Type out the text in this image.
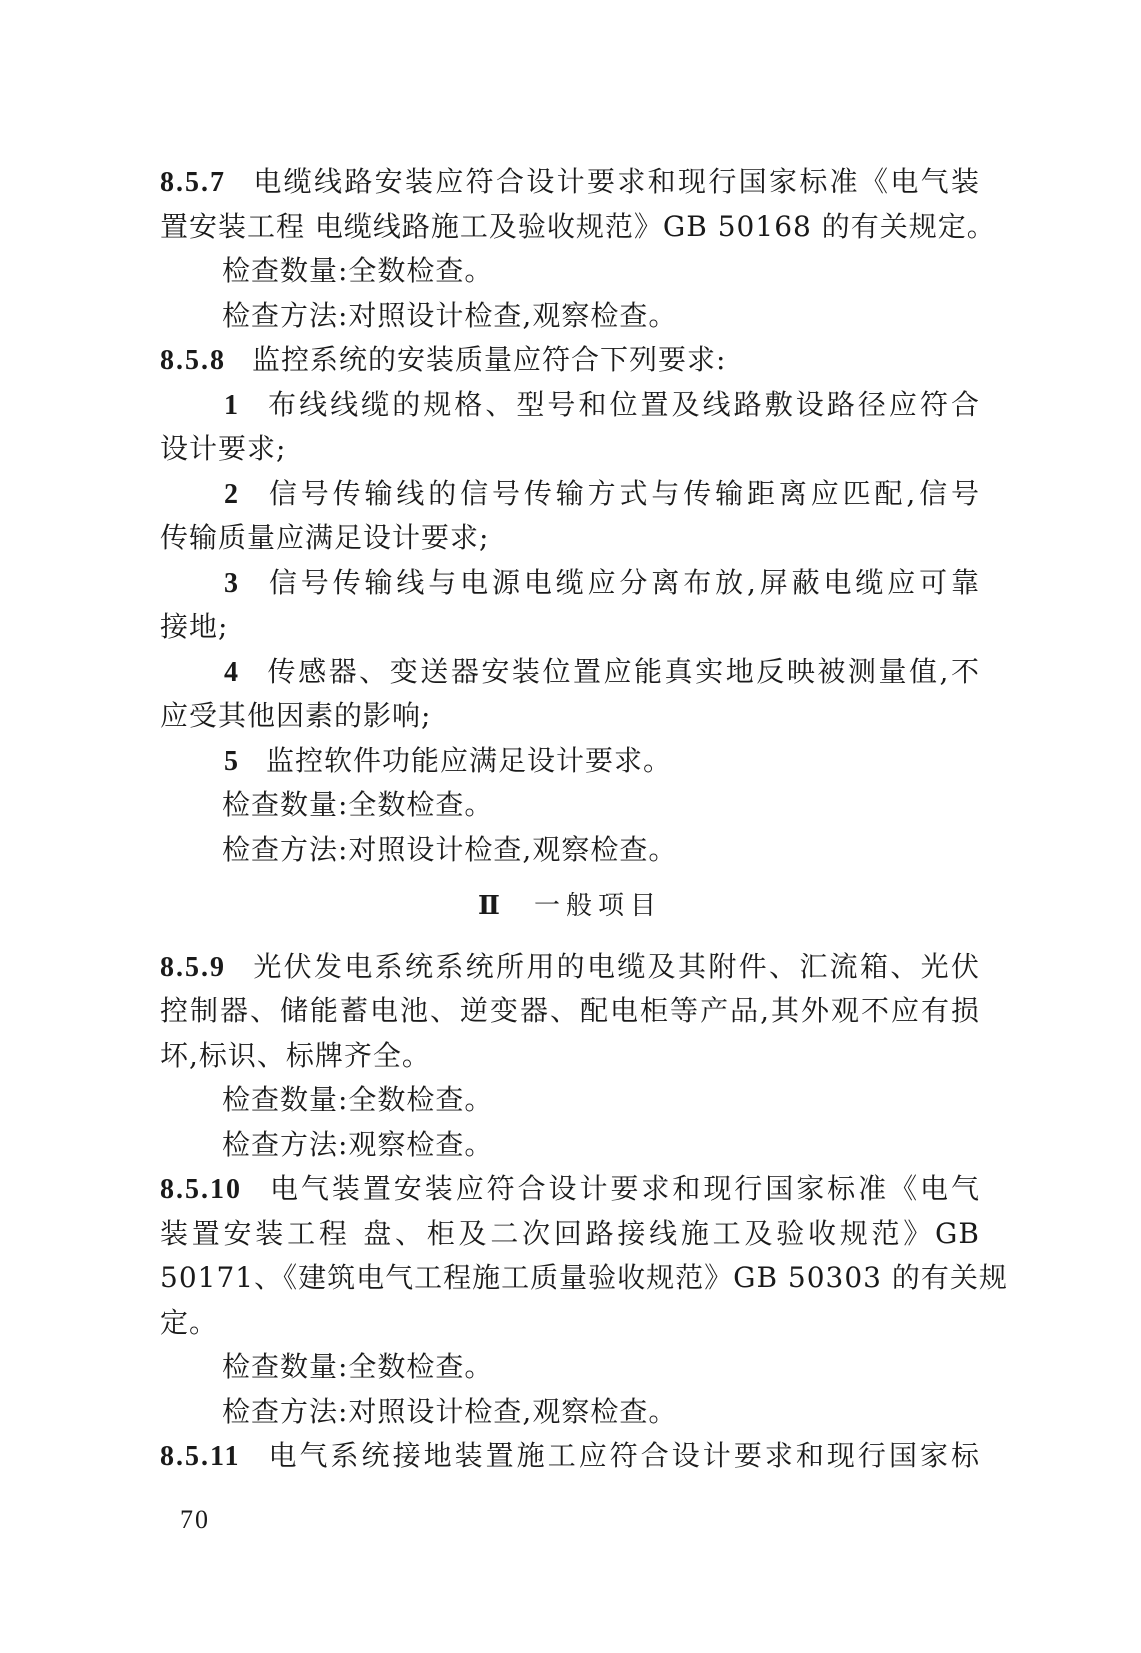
8.5.7 电缆线路安装应符合设计要求和现行国家标准《电气装
置安装工程 电缆线路施工及验收规范》GB 50168 的有关规定。
检查数量:全数检查。
检查方法:对照设计检查,观察检查。
8.5.8 监控系统的安装质量应符合下列要求:
1 布线线缆的规格、型号和位置及线路敷设路径应符合
设计要求;
2 信号传输线的信号传输方式与传输距离应匹配,信号
传输质量应满足设计要求;
3 信号传输线与电源电缆应分离布放,屏蔽电缆应可靠
接地;
4 传感器、变送器安装位置应能真实地反映被测量值,不
应受其他因素的影响;
5 监控软件功能应满足设计要求。
检查数量:全数检查。
检查方法:对照设计检查,观察检查。
Ⅱ 一般项目
8.5.9 光伏发电系统系统所用的电缆及其附件、汇流箱、光伏
控制器、储能蓄电池、逆变器、配电柜等产品,其外观不应有损
坏,标识、标牌齐全。
检查数量:全数检查。
检查方法:观察检查。
8.5.10 电气装置安装应符合设计要求和现行国家标准《电气
装置安装工程 盘、柜及二次回路接线施工及验收规范》GB
50171、《建筑电气工程施工质量验收规范》GB 50303 的有关规
定。
检查数量:全数检查。
检查方法:对照设计检查,观察检查。
8.5.11 电气系统接地装置施工应符合设计要求和现行国家标
70
